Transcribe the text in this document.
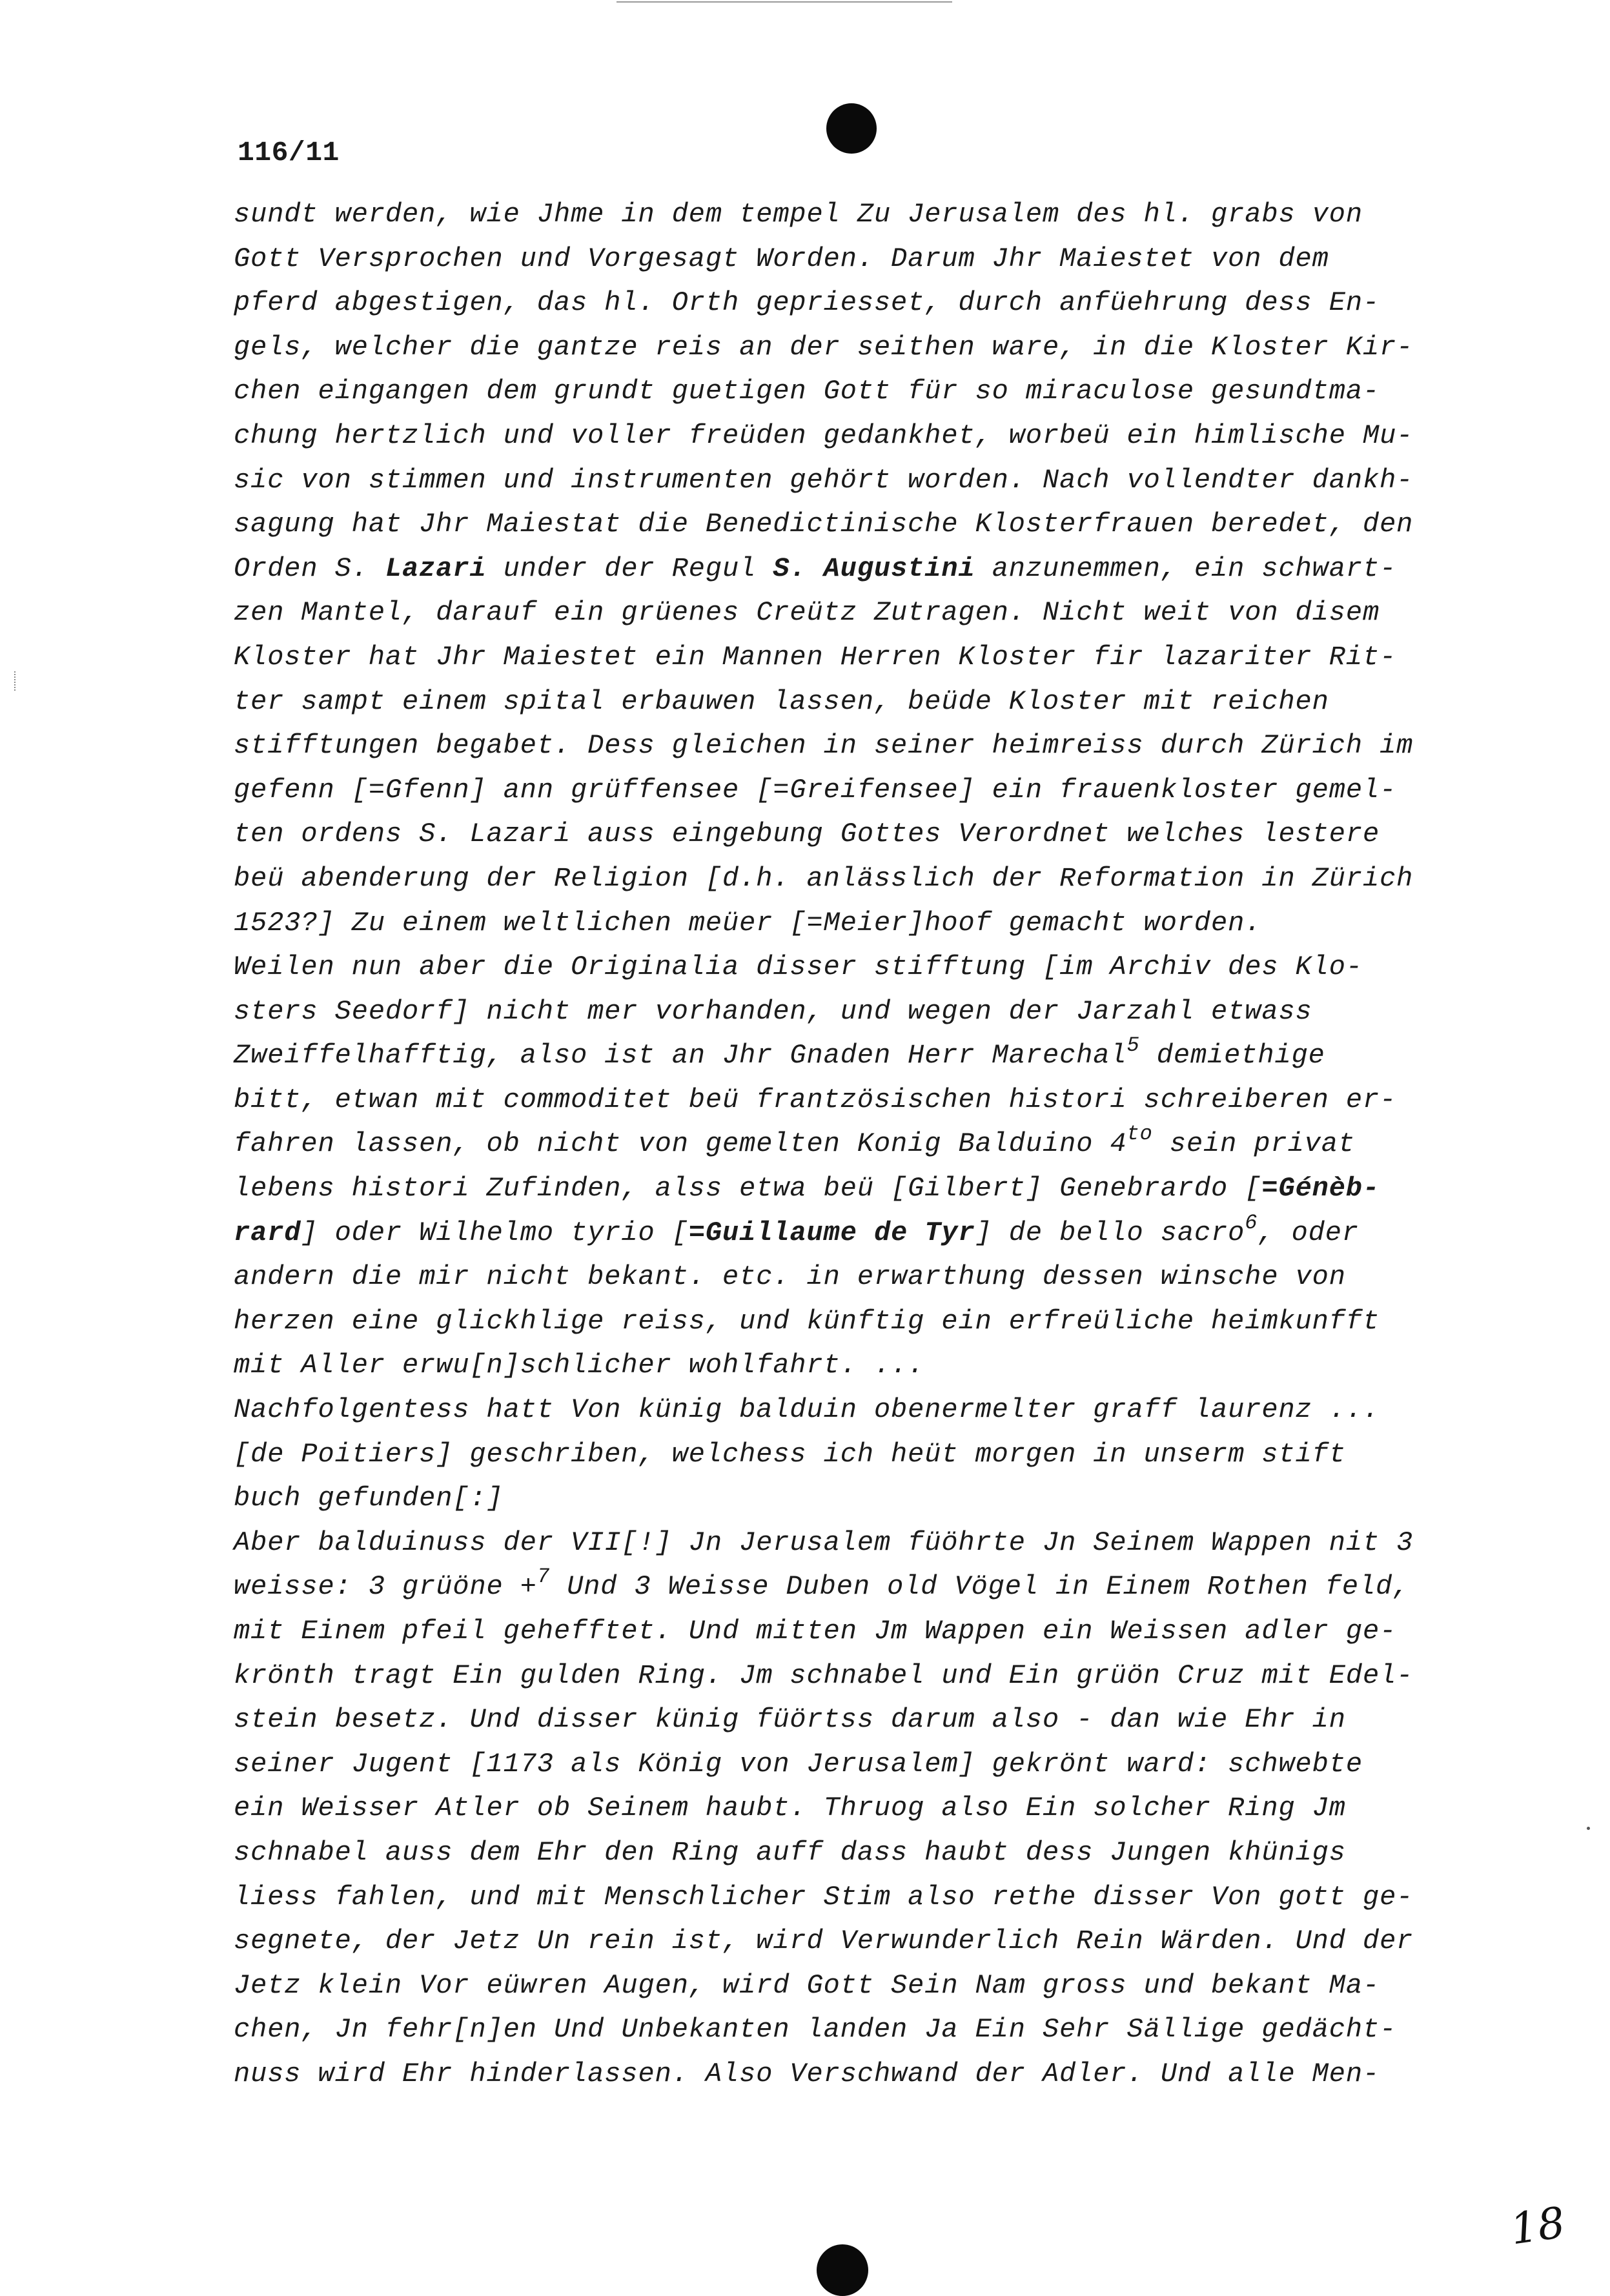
116/11
sundt werden, wie Jhme in dem tempel Zu Jerusalem des hl. grabs von
Gott Versprochen und Vorgesagt Worden. Darum Jhr Maiestet von dem
pferd abgestigen, das hl. Orth gepriesset, durch anfüehrung dess En-
gels, welcher die gantze reis an der seithen ware, in die Kloster Kir-
chen eingangen dem grundt guetigen Gott für so miraculose gesundtma-
chung hertzlich und voller freüden gedankhet, worbeü ein himlische Mu-
sic von stimmen und instrumenten gehört worden. Nach vollendter dankh-
sagung hat Jhr Maiestat die Benedictinische Klosterfrauen beredet, den
Orden S. Lazari under der Regul S. Augustini anzunemmen, ein schwart-
zen Mantel, darauf ein grüenes Creütz Zutragen. Nicht weit von disem
Kloster hat Jhr Maiestet ein Mannen Herren Kloster fir lazariter Rit-
ter sampt einem spital erbauwen lassen, beüde Kloster mit reichen
stifftungen begabet. Dess gleichen in seiner heimreiss durch Zürich im
gefenn [=Gfenn] ann grüffensee [=Greifensee] ein frauenkloster gemel-
ten ordens S. Lazari auss eingebung Gottes Verordnet welches lestere
beü abenderung der Religion [d.h. anlässlich der Reformation in Zürich
1523?] Zu einem weltlichen meüer [=Meier]hoof gemacht worden.
Weilen nun aber die Originalia disser stifftung [im Archiv des Klo-
sters Seedorf] nicht mer vorhanden, und wegen der Jarzahl etwass
Zweiffelhafftig, also ist an Jhr Gnaden Herr Marechal$^5$ demiethige
bitt, etwan mit commoditet beü frantzösischen histori schreiberen er-
fahren lassen, ob nicht von gemelten Konig Balduino $4^{to}$ sein privat
lebens histori Zufinden, alss etwa beü [Gilbert] Genebrardo [=Génèb-
rard] oder Wilhelmo tyrio [=Guillaume de Tyr] de bello sacro$^6$, oder
andern die mir nicht bekant. etc. in erwarthung dessen winsche von
herzen eine glickhlige reiss, und künftig ein erfreüliche heimkunfft
mit Aller erwu[n]schlicher wohlfahrt. ...
Nachfolgentess hatt Von künig balduin obenermelter graff laurenz ...
[de Poitiers] geschriben, welchess ich heüt morgen in unserm stift
buch gefunden[:]
Aber balduinuss der VII[!] Jn Jerusalem füöhrte Jn Seinem Wappen nit 3
weisse: 3 grüöne +$^7$ Und 3 Weisse Duben old Vögel in Einem Rothen feld,
mit Einem pfeil gehefftet. Und mitten Jm Wappen ein Weissen adler ge-
krönth tragt Ein gulden Ring. Jm schnabel und Ein grüön Cruz mit Edel-
stein besetz. Und disser künig füörtss darum also - dan wie Ehr in
seiner Jugent [1173 als König von Jerusalem] gekrönt ward: schwebte
ein Weisser Atler ob Seinem haubt. Thruog also Ein solcher Ring Jm
schnabel auss dem Ehr den Ring auff dass haubt dess Jungen khünigs
liess fahlen, und mit Menschlicher Stim also rethe disser Von gott ge-
segnete, der Jetz Un rein ist, wird Verwunderlich Rein Wärden. Und der
Jetz klein Vor eüwren Augen, wird Gott Sein Nam gross und bekant Ma-
chen, Jn fehr[n]en Und Unbekanten landen Ja Ein Sehr Sällige gedächt-
nuss wird Ehr hinderlassen. Also Verschwand der Adler. Und alle Men-
18
